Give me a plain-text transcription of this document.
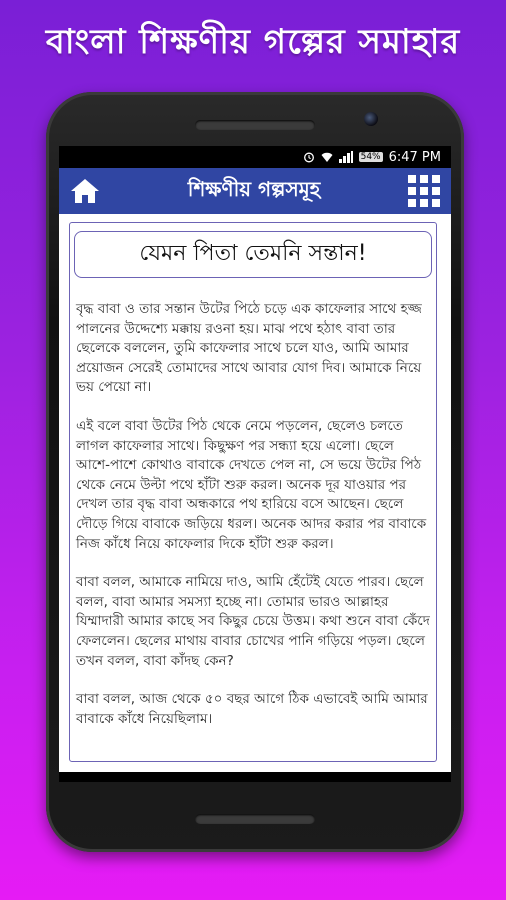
বাংলা শিক্ষণীয় গল্পের সমাহার
54% 6:47 PM
শিক্ষণীয় গল্পসমূহ
যেমন পিতা তেমনি সন্তান!

বৃদ্ধ বাবা ও তার সন্তান উটের পিঠে চড়ে এক কাফেলার সাথে হজ্জ পালনের উদ্দেশ্যে মক্কায় রওনা হয়। মাঝ পথে হঠাৎ বাবা তার ছেলেকে বললেন, তুমি কাফেলার সাথে চলে যাও, আমি আমার প্রয়োজন সেরেই তোমাদের সাথে আবার যোগ দিব। আমাকে নিয়ে ভয় পেয়ো না।

এই বলে বাবা উটের পিঠ থেকে নেমে পড়লেন, ছেলেও চলতে লাগল কাফেলার সাথে। কিছুক্ষণ পর সন্ধ্যা হয়ে এলো। ছেলে আশে-পাশে কোথাও বাবাকে দেখতে পেল না, সে ভয়ে উটের পিঠ থেকে নেমে উল্টা পথে হাঁটা শুরু করল। অনেক দূর যাওয়ার পর দেখল তার বৃদ্ধ বাবা অন্ধকারে পথ হারিয়ে বসে আছেন। ছেলে দৌড়ে গিয়ে বাবাকে জড়িয়ে ধরল। অনেক আদর করার পর বাবাকে নিজ কাঁধে নিয়ে কাফেলার দিকে হাঁটা শুরু করল।

বাবা বলল, আমাকে নামিয়ে দাও, আমি হেঁটেই যেতে পারব। ছেলে বলল, বাবা আমার সমস্যা হচ্ছে না। তোমার ভারও আল্লাহর যিম্মাদারী আমার কাছে সব কিছুর চেয়ে উত্তম। কথা শুনে বাবা কেঁদে ফেললেন। ছেলের মাথায় বাবার চোখের পানি গড়িয়ে পড়ল। ছেলে তখন বলল, বাবা কাঁদছ কেন?

বাবা বলল, আজ থেকে ৫০ বছর আগে ঠিক এভাবেই আমি আমার বাবাকে কাঁধে নিয়েছিলাম।
